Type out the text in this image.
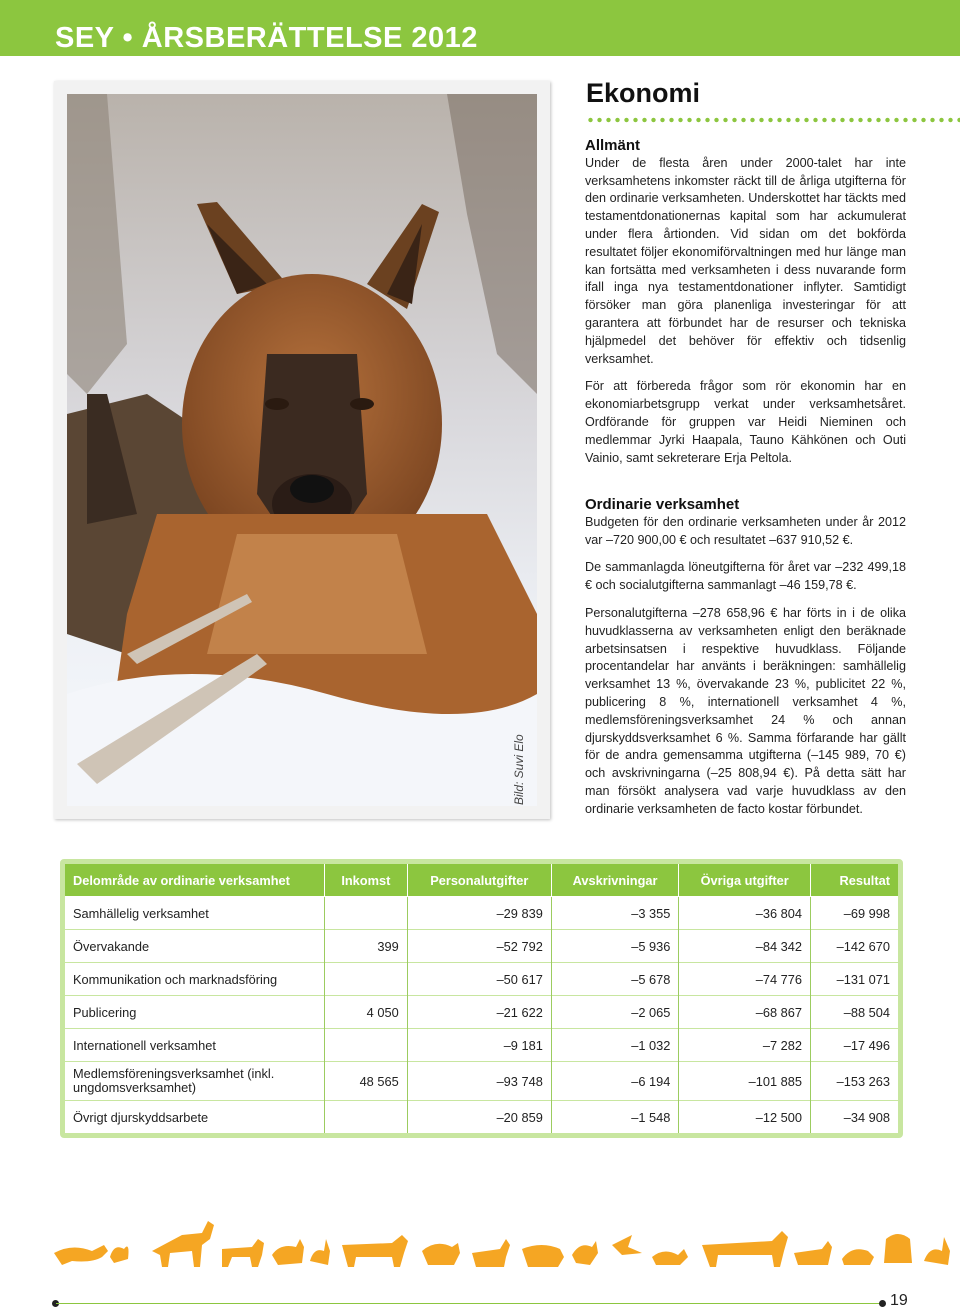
SEY • ÅRSBERÄTTELSE 2012
Bild: Suvi Elo
Ekonomi
Allmänt

Under de flesta åren under 2000-talet har inte verksamhetens inkomster räckt till de årliga utgifterna för den ordinarie verksamheten. Underskottet har täckts med testamentdonationernas kapital som har ackumulerat under flera årtionden. Vid sidan om det bokförda resultatet följer ekonomiförvaltningen med hur länge man kan fortsätta med verksamheten i dess nuvarande form ifall inga nya testamentdonationer inflyter. Samtidigt försöker man göra planenliga investeringar för att garantera att förbundet har de resurser och tekniska hjälpmedel det behöver för effektiv och tidsenlig verksamhet.

För att förbereda frågor som rör ekonomin har en ekonomiarbetsgrupp verkat under verksamhetsåret. Ordförande för gruppen var Heidi Nieminen och medlemmar Jyrki Haapala, Tauno Kähkönen och Outi Vainio, samt sekreterare Erja Peltola.

Ordinarie verksamhet

Budgeten för den ordinarie verksamheten under år 2012 var –720 900,00 € och resultatet –637 910,52 €.

De sammanlagda löneutgifterna för året var –232 499,18 € och socialutgifterna sammanlagt –46 159,78 €.

Personalutgifterna –278 658,96 € har förts in i de olika huvudklasserna av verksamheten enligt den beräknade arbetsinsatsen i respektive huvudklass. Följande procentandelar har använts i beräkningen: samhällelig verksamhet 13 %, övervakande 23 %, publicitet 22 %, publicering 8 %, internationell verksamhet 4 %, medlemsföreningsverksamhet 24 % och annan djurskyddsverksamhet 6 %. Samma förfarande har gällt för de andra gemensamma utgifterna (–145 989, 70 €) och avskrivningarna (–25 808,94 €). På detta sätt har man försökt analysera vad varje huvudklass av den ordinarie verksamheten de facto kostar förbundet.

Delområde av ordinarie verksamhet	Inkomst	Personalutgifter	Avskrivningar	Övriga utgifter	Resultat
Samhällelig verksamhet		–29 839	–3 355	–36 804	–69 998
Övervakande	399	–52 792	–5 936	–84 342	–142 670
Kommunikation och marknadsföring		–50 617	–5 678	–74 776	–131 071
Publicering	4 050	–21 622	–2 065	–68 867	–88 504
Internationell verksamhet		–9 181	–1 032	–7 282	–17 496
Medlemsföreningsverksamhet (inkl. ungdomsverksamhet)	48 565	–93 748	–6 194	–101 885	–153 263
Övrigt djurskyddsarbete		–20 859	–1 548	–12 500	–34 908
19
